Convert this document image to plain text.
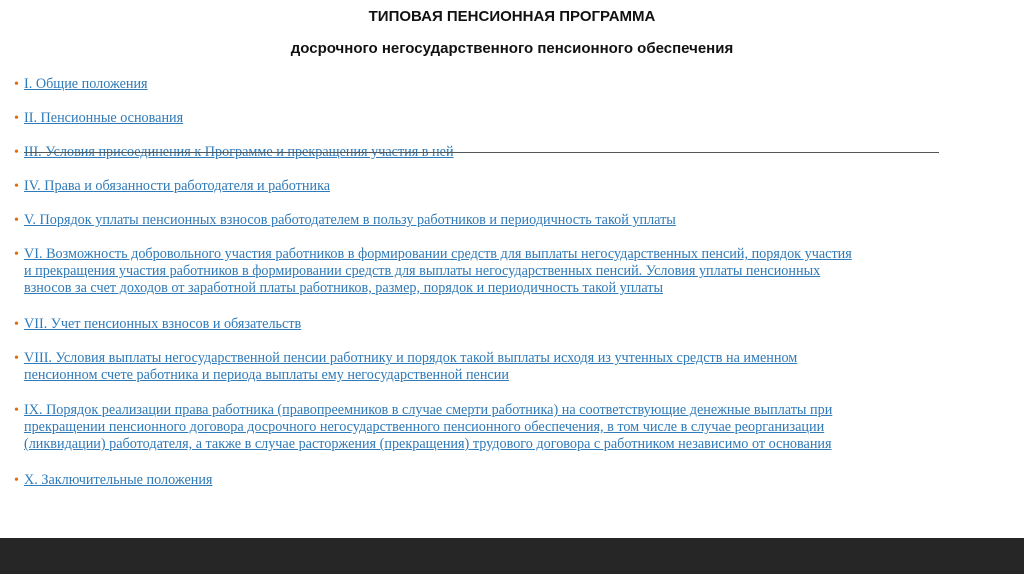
ТИПОВАЯ ПЕНСИОННАЯ ПРОГРАММА
досрочного негосударственного пенсионного обеспечения
• I. Общие положения
• II. Пенсионные основания
• III. Условия присоединения к Программе и прекращения участия в ней
• IV. Права и обязанности работодателя и работника
• V. Порядок уплаты пенсионных взносов работодателем в пользу работников и периодичность такой уплаты
• VI. Возможность добровольного участия работников в формировании средств для выплаты негосударственных пенсий, порядок участия
и прекращения участия работников в формировании средств для выплаты негосударственных пенсий. Условия уплаты пенсионных
взносов за счет доходов от заработной платы работников, размер, порядок и периодичность такой уплаты
• VII. Учет пенсионных взносов и обязательств
• VIII. Условия выплаты негосударственной пенсии работнику и порядок такой выплаты исходя из учтенных средств на именном
пенсионном счете работника и периода выплаты ему негосударственной пенсии
• IX. Порядок реализации права работника (правопреемников в случае смерти работника) на соответствующие денежные выплаты при
прекращении пенсионного договора досрочного негосударственного пенсионного обеспечения, в том числе в случае реорганизации
(ликвидации) работодателя, а также в случае расторжения (прекращения) трудового договора с работником независимо от основания
• X. Заключительные положения
